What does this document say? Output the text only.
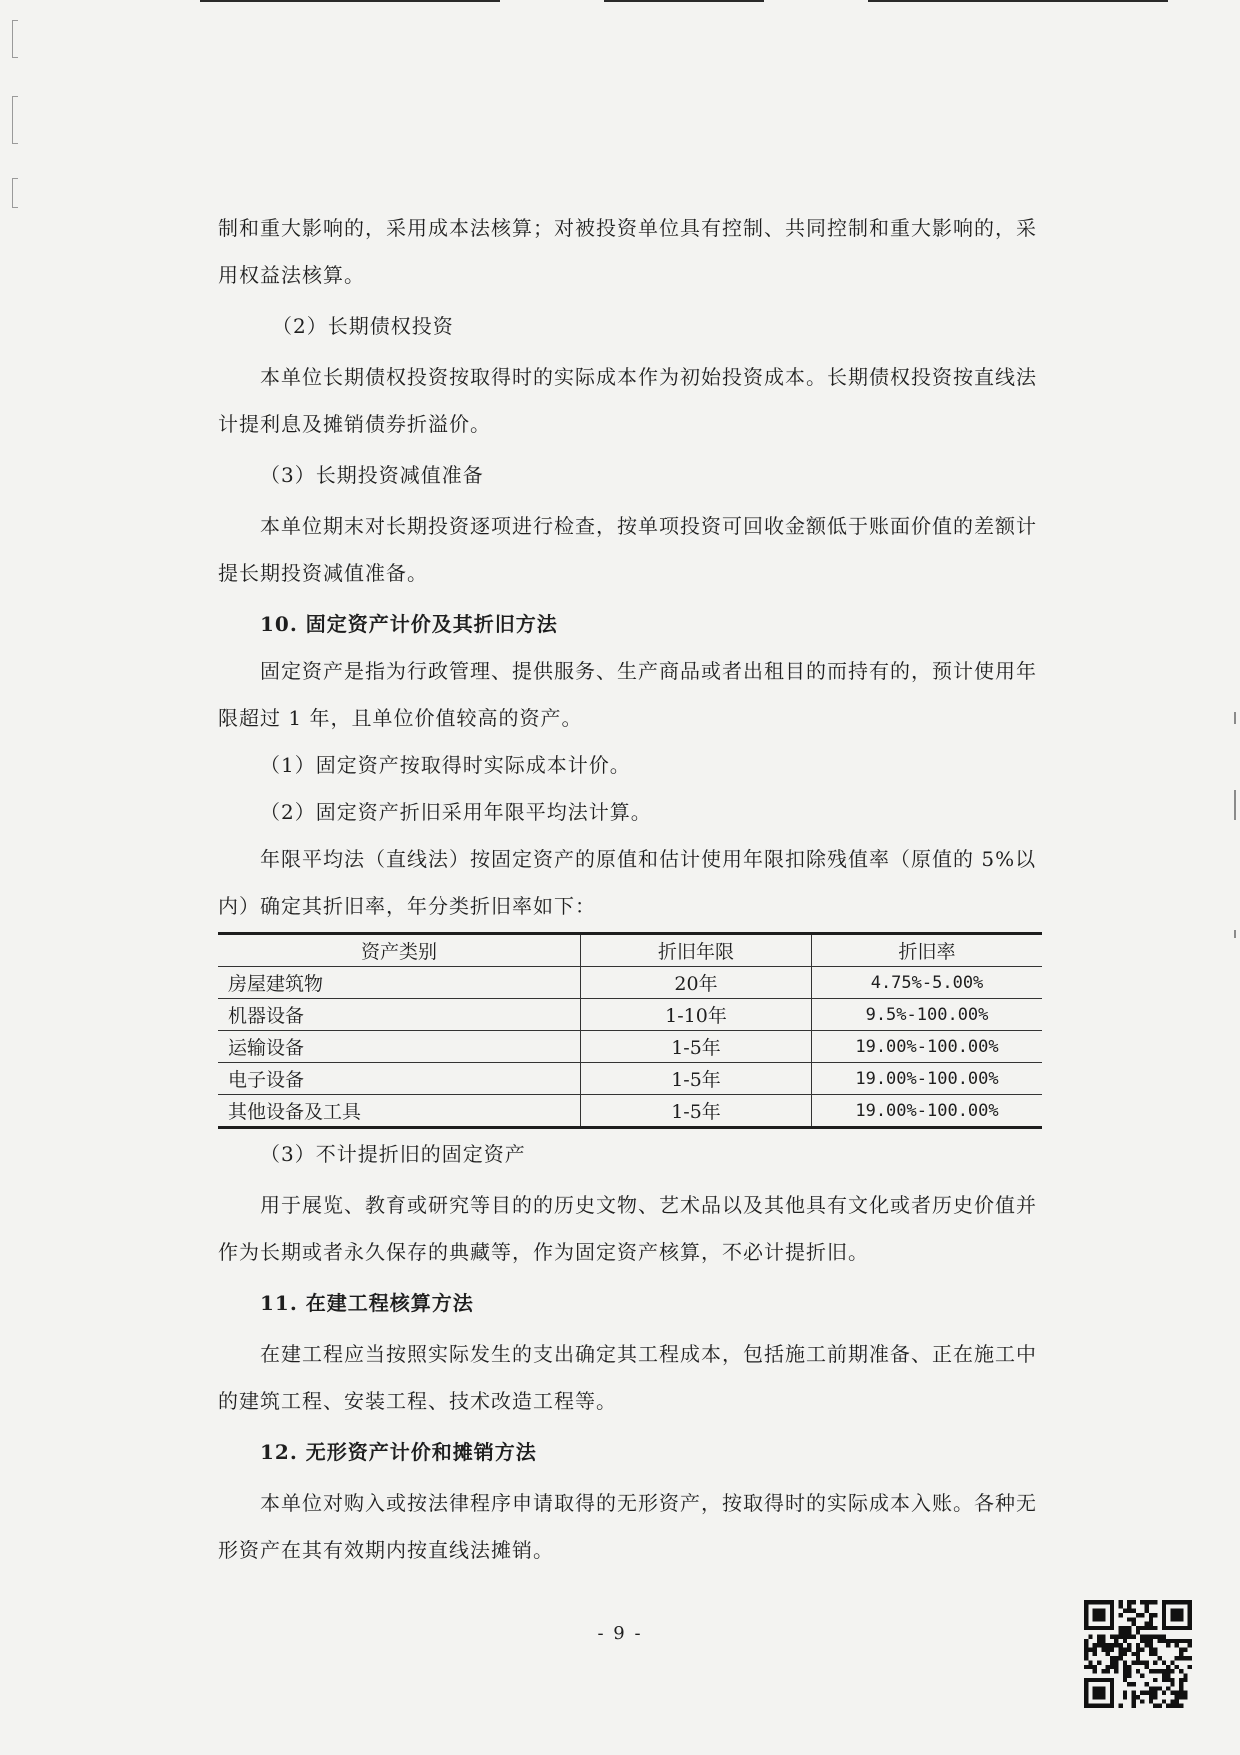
制和重大影响的，采用成本法核算；对被投资单位具有控制、共同控制和重大影响的，采用权益法核算。

（2）长期债权投资

本单位长期债权投资按取得时的实际成本作为初始投资成本。长期债权投资按直线法计提利息及摊销债券折溢价。

（3）长期投资减值准备

本单位期末对长期投资逐项进行检查，按单项投资可回收金额低于账面价值的差额计提长期投资减值准备。

10. 固定资产计价及其折旧方法

固定资产是指为行政管理、提供服务、生产商品或者出租目的而持有的，预计使用年限超过 1 年，且单位价值较高的资产。

（1）固定资产按取得时实际成本计价。

（2）固定资产折旧采用年限平均法计算。

年限平均法（直线法）按固定资产的原值和估计使用年限扣除残值率（原值的 5%以内）确定其折旧率，年分类折旧率如下：

资产类别	折旧年限	折旧率
房屋建筑物	20年	4.75%-5.00%
机器设备	1-10年	9.5%-100.00%
运输设备	1-5年	19.00%-100.00%
电子设备	1-5年	19.00%-100.00%
其他设备及工具	1-5年	19.00%-100.00%

（3）不计提折旧的固定资产

用于展览、教育或研究等目的的历史文物、艺术品以及其他具有文化或者历史价值并作为长期或者永久保存的典藏等，作为固定资产核算，不必计提折旧。

11. 在建工程核算方法

在建工程应当按照实际发生的支出确定其工程成本，包括施工前期准备、正在施工中的建筑工程、安装工程、技术改造工程等。

12. 无形资产计价和摊销方法

本单位对购入或按法律程序申请取得的无形资产，按取得时的实际成本入账。各种无形资产在其有效期内按直线法摊销。

- 9 -
